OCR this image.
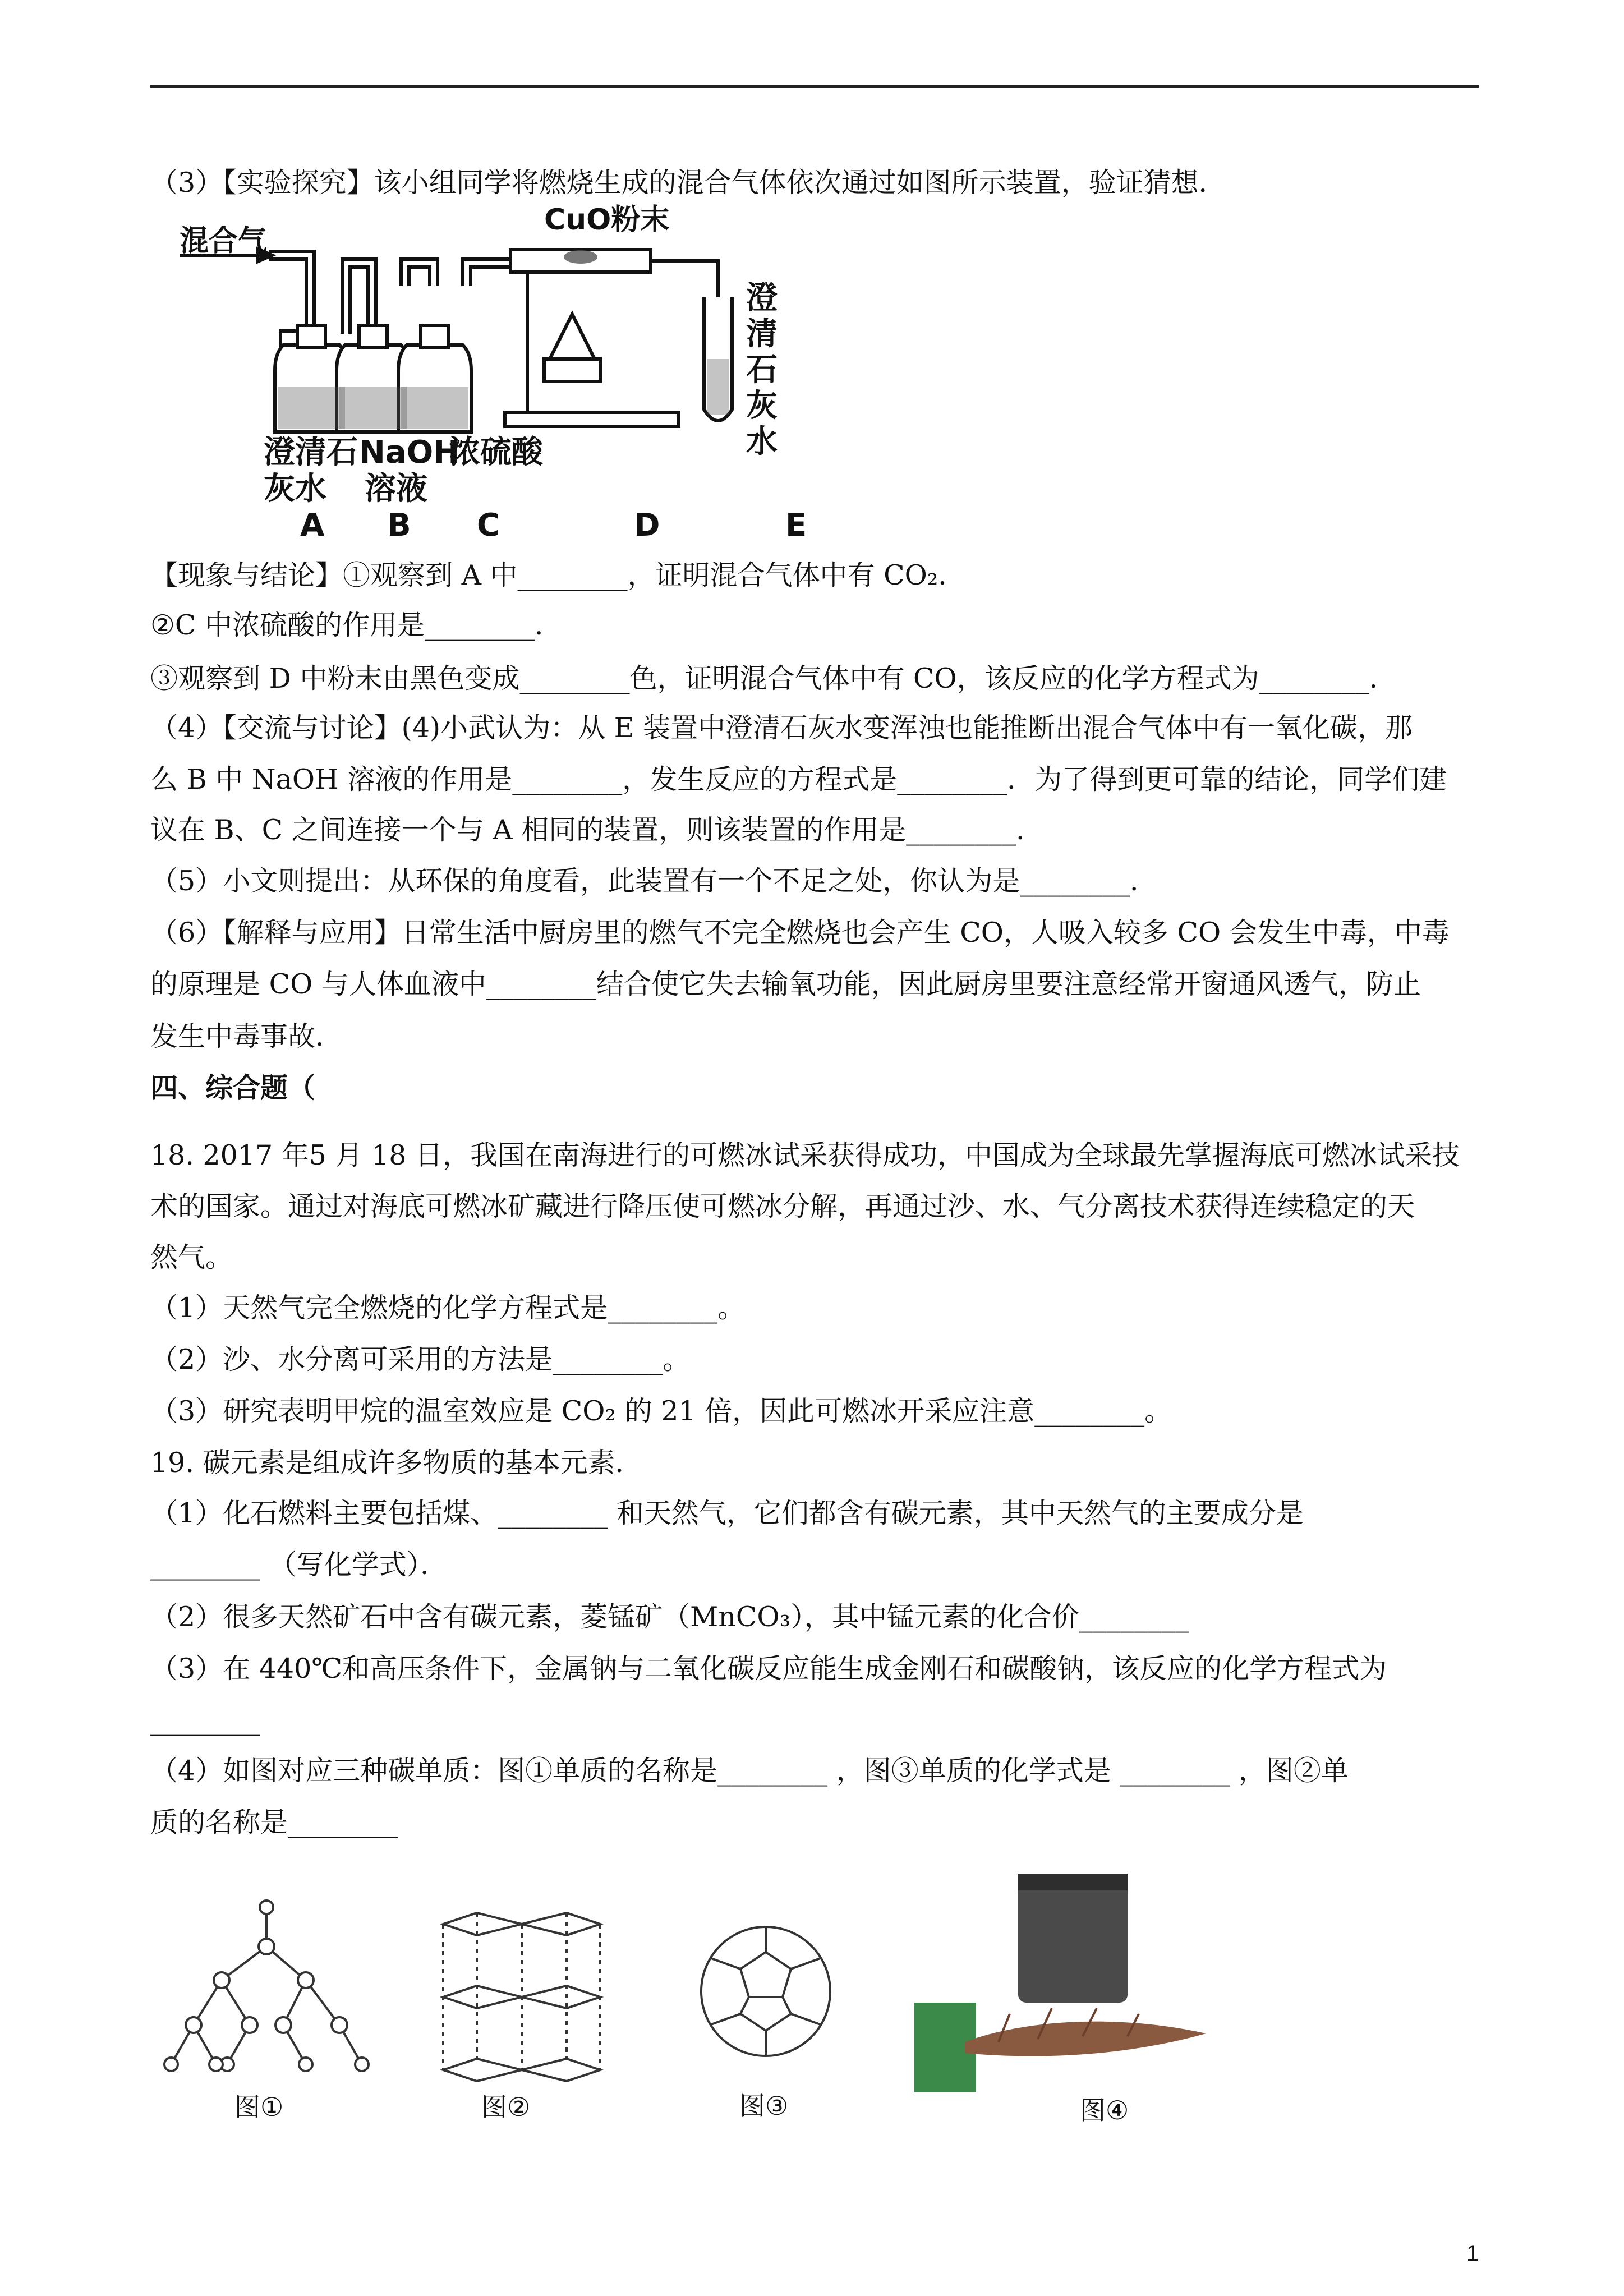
（3）【实验探究】该小组同学将燃烧生成的混合气体依次通过如图所示装置，验证猜想．
混合气
CuO粉末
澄
清
石
灰
水
澄清石
灰水
NaOH
溶液
浓硫酸
A B C	D	E
【现象与结论】①观察到 A 中________，证明混合气体中有 CO₂．
②C 中浓硫酸的作用是________．
③观察到 D 中粉末由黑色变成________色，证明混合气体中有 CO，该反应的化学方程式为________．
（4）【交流与讨论】(4)小武认为：从 E 装置中澄清石灰水变浑浊也能推断出混合气体中有一氧化碳，那
么 B 中 NaOH 溶液的作用是________，发生反应的方程式是________．为了得到更可靠的结论，同学们建
议在 B、C 之间连接一个与 A 相同的装置，则该装置的作用是________．
（5）小文则提出：从环保的角度看，此装置有一个不足之处，你认为是________．
（6）【解释与应用】日常生活中厨房里的燃气不完全燃烧也会产生 CO，人吸入较多 CO 会发生中毒，中毒
的原理是 CO 与人体血液中________结合使它失去输氧功能，因此厨房里要注意经常开窗通风透气，防止
发生中毒事故．
四、综合题（
18. 2017 年5 月 18 日，我国在南海进行的可燃冰试采获得成功，中国成为全球最先掌握海底可燃冰试采技
术的国家。通过对海底可燃冰矿藏进行降压使可燃冰分解，再通过沙、水、气分离技术获得连续稳定的天
然气。
（1）天然气完全燃烧的化学方程式是________。
（2）沙、水分离可采用的方法是________。
（3）研究表明甲烷的温室效应是 CO₂ 的 21 倍，因此可燃冰开采应注意________。
19. 碳元素是组成许多物质的基本元素．
（1）化石燃料主要包括煤、________ 和天然气，它们都含有碳元素，其中天然气的主要成分是
________ （写化学式）．
（2）很多天然矿石中含有碳元素，菱锰矿（MnCO₃），其中锰元素的化合价________
（3）在 440℃和高压条件下，金属钠与二氧化碳反应能生成金刚石和碳酸钠，该反应的化学方程式为
________
（4）如图对应三种碳单质：图①单质的名称是________ ，图③单质的化学式是 ________ ，图②单
质的名称是________
图①	图②	图③	图④
1
